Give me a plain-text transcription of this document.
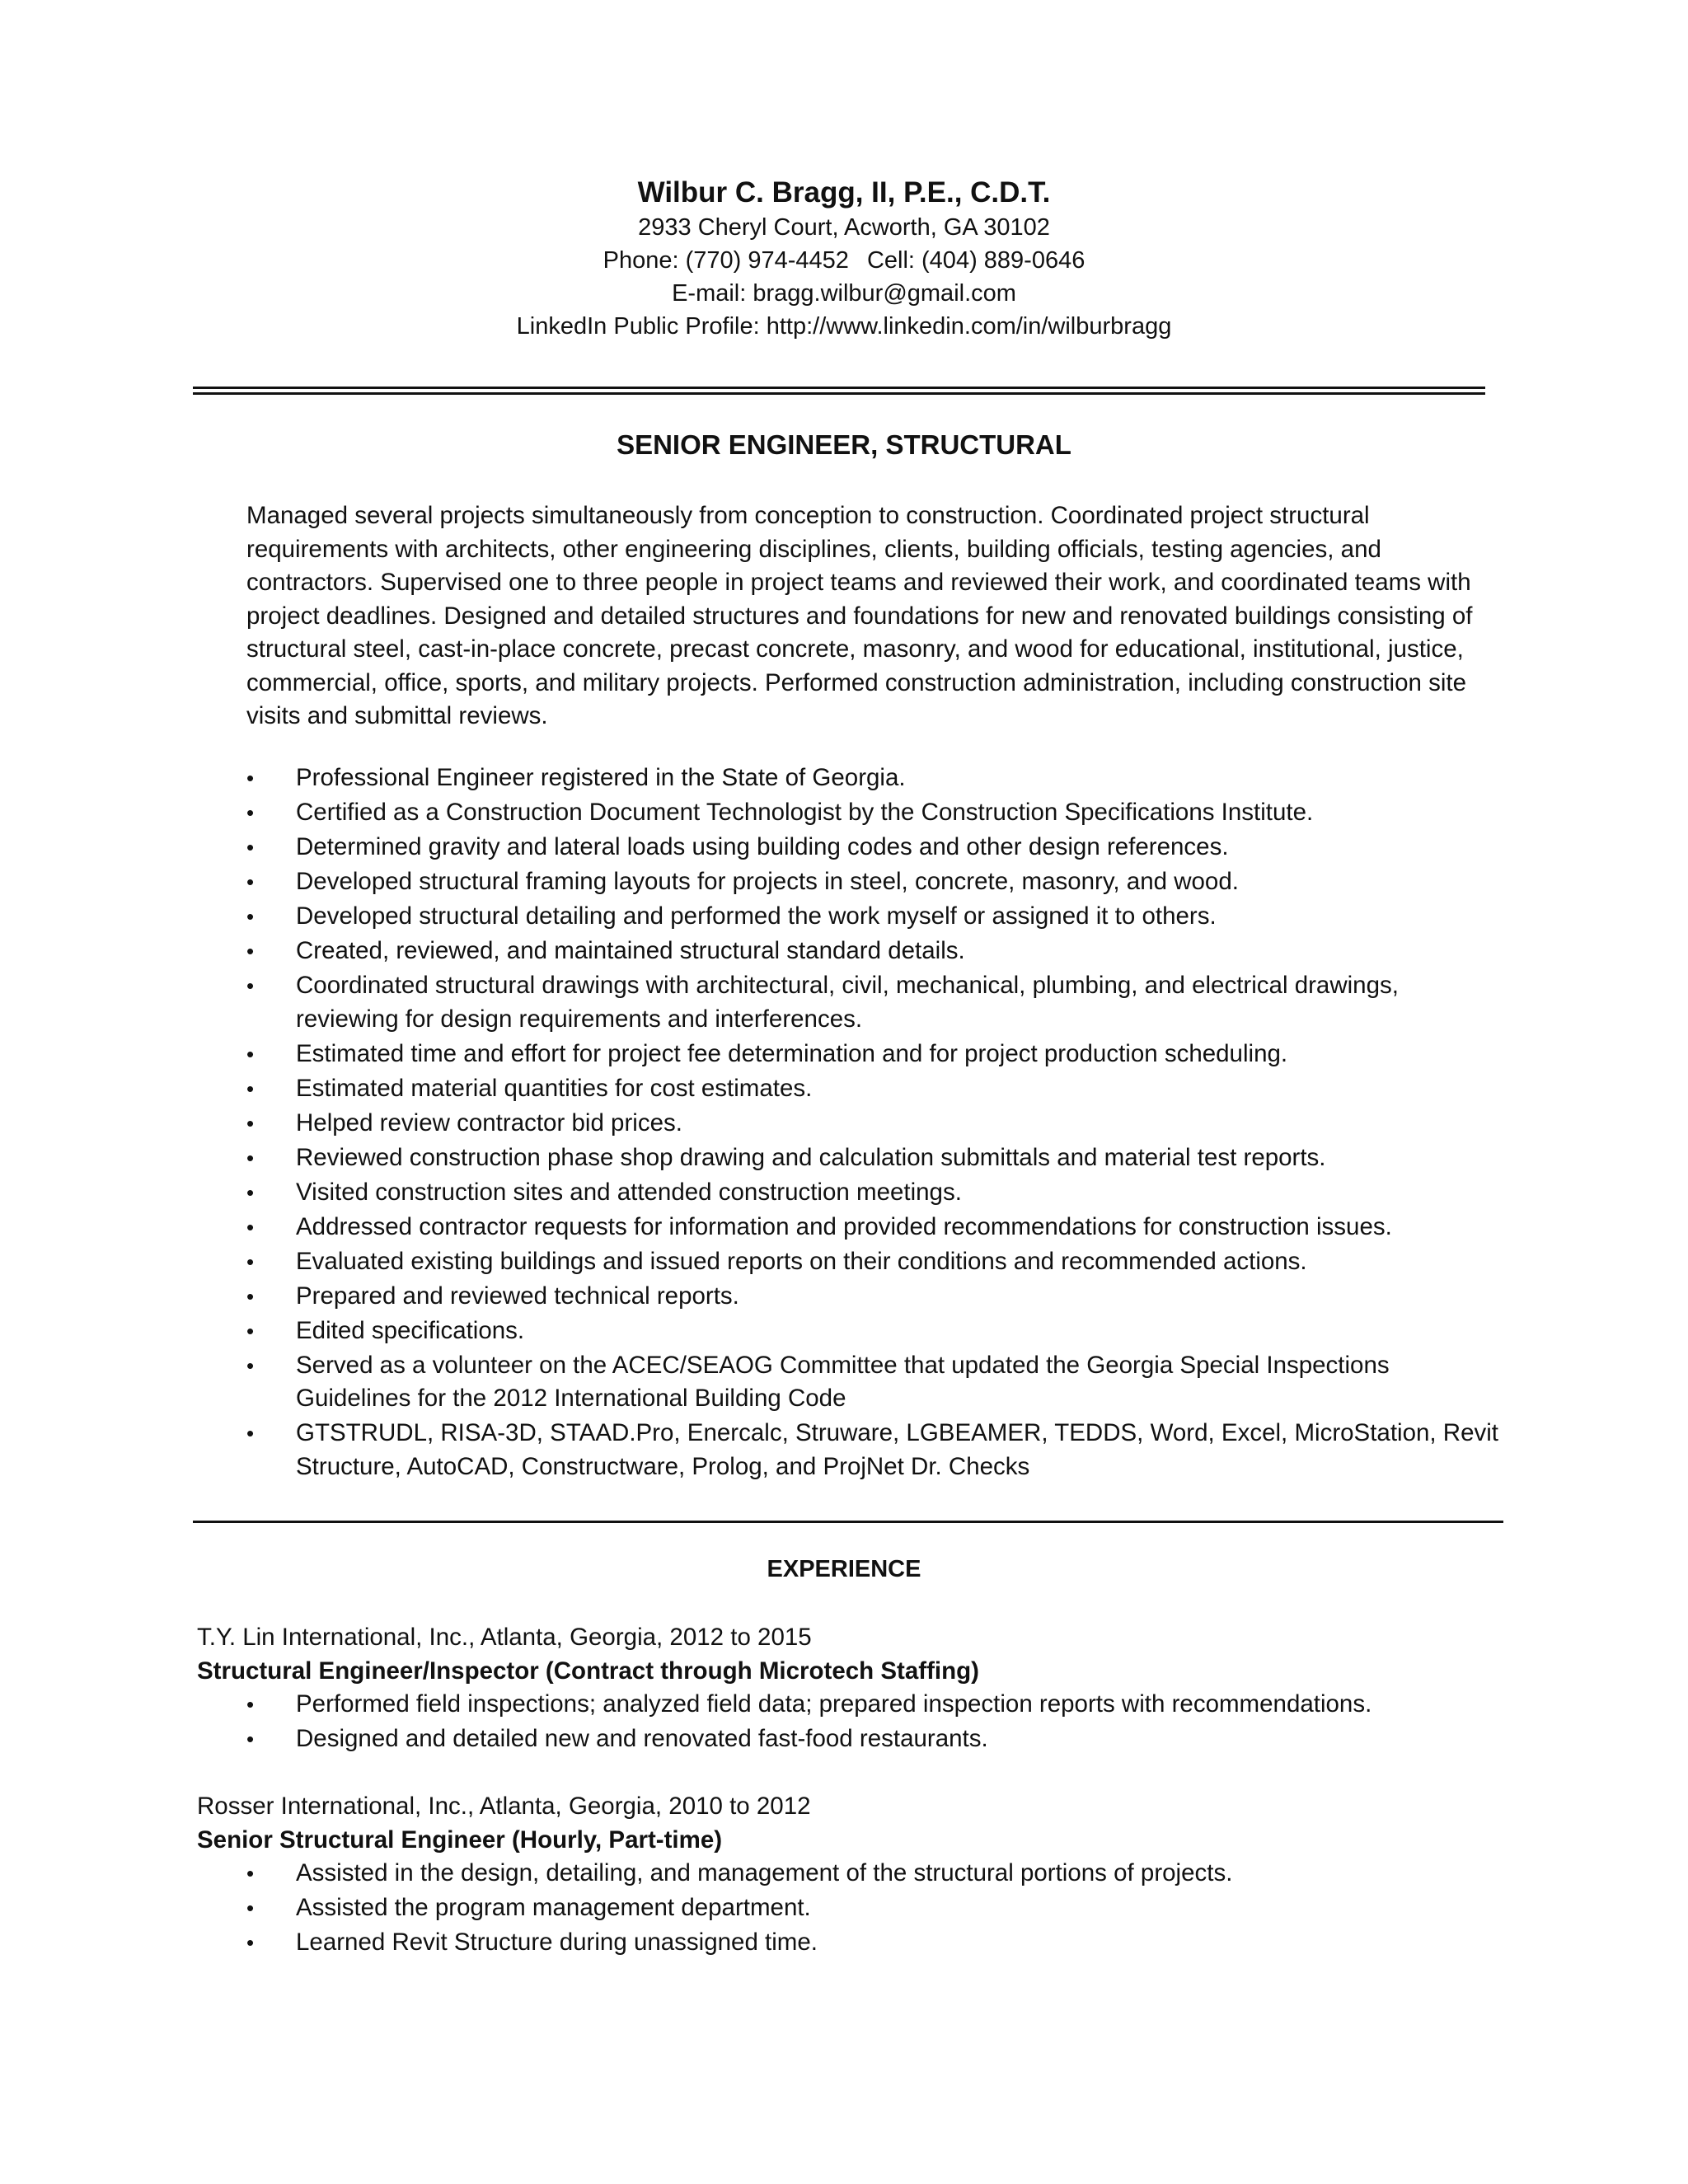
Wilbur C. Bragg, II, P.E., C.D.T.

2933 Cheryl Court, Acworth, GA 30102

Phone: (770) 974-4452 Cell: (404) 889-0646

E-mail: bragg.wilbur@gmail.com

LinkedIn Public Profile: http://www.linkedin.com/in/wilburbragg

SENIOR ENGINEER, STRUCTURAL

Managed several projects simultaneously from conception to construction. Coordinated project structural requirements with architects, other engineering disciplines, clients, building officials, testing agencies, and contractors. Supervised one to three people in project teams and reviewed their work, and coordinated teams with project deadlines. Designed and detailed structures and foundations for new and renovated buildings consisting of structural steel, cast-in-place concrete, precast concrete, masonry, and wood for educational, institutional, justice, commercial, office, sports, and military projects. Performed construction administration, including construction site visits and submittal reviews.

•	Professional Engineer registered in the State of Georgia.
•	Certified as a Construction Document Technologist by the Construction Specifications Institute.
•	Determined gravity and lateral loads using building codes and other design references.
•	Developed structural framing layouts for projects in steel, concrete, masonry, and wood.
•	Developed structural detailing and performed the work myself or assigned it to others.
•	Created, reviewed, and maintained structural standard details.
•	Coordinated structural drawings with architectural, civil, mechanical, plumbing, and electrical drawings, reviewing for design requirements and interferences.
•	Estimated time and effort for project fee determination and for project production scheduling.
•	Estimated material quantities for cost estimates.
•	Helped review contractor bid prices.
•	Reviewed construction phase shop drawing and calculation submittals and material test reports.
•	Visited construction sites and attended construction meetings.
•	Addressed contractor requests for information and provided recommendations for construction issues.
•	Evaluated existing buildings and issued reports on their conditions and recommended actions.
•	Prepared and reviewed technical reports.
•	Edited specifications.
•	Served as a volunteer on the ACEC/SEAOG Committee that updated the Georgia Special Inspections Guidelines for the 2012 International Building Code
•	GTSTRUDL, RISA-3D, STAAD.Pro, Enercalc, Struware, LGBEAMER, TEDDS, Word, Excel, MicroStation, Revit Structure, AutoCAD, Constructware, Prolog, and ProjNet Dr. Checks

EXPERIENCE

T.Y. Lin International, Inc., Atlanta, Georgia, 2012 to 2015

Structural Engineer/Inspector (Contract through Microtech Staffing)

•	Performed field inspections; analyzed field data; prepared inspection reports with recommendations.
•	Designed and detailed new and renovated fast-food restaurants.

Rosser International, Inc., Atlanta, Georgia, 2010 to 2012

Senior Structural Engineer (Hourly, Part-time)

•	Assisted in the design, detailing, and management of the structural portions of projects.
•	Assisted the program management department.
•	Learned Revit Structure during unassigned time.
